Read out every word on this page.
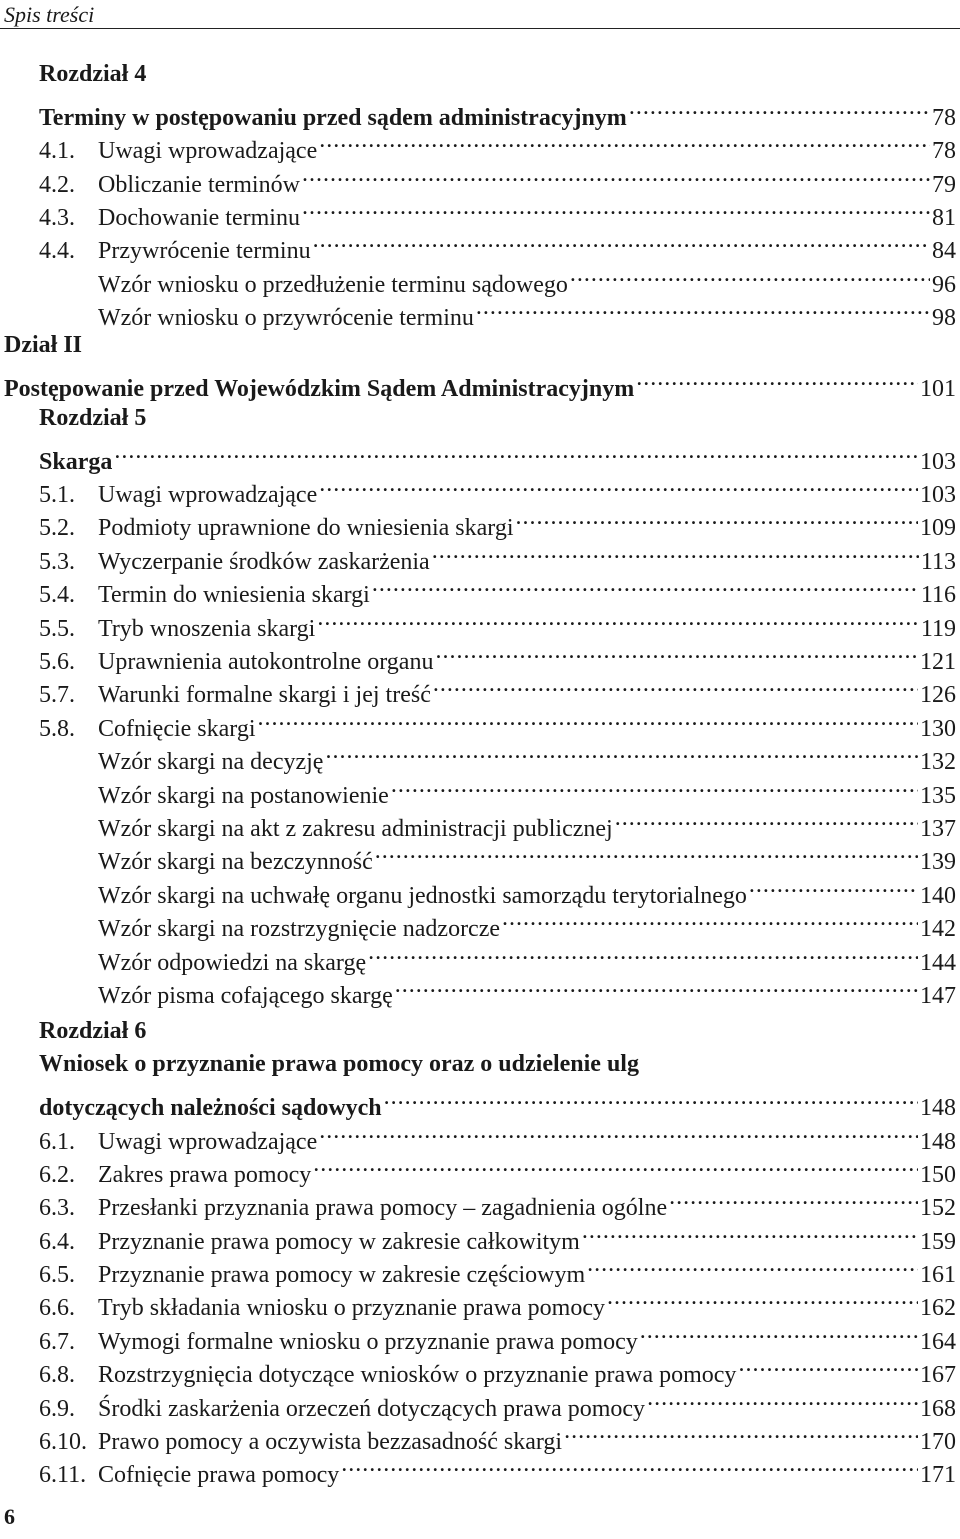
Spis treści
Rozdział 4
Terminy w postępowaniu przed sądem administracyjnym .....	78
4.1. Uwagi wprowadzające .....	78
4.2. Obliczanie terminów .....	79
4.3. Dochowanie terminu .....	81
4.4. Przywrócenie terminu .....	84
Wzór wniosku o przedłużenie terminu sądowego .....	96
Wzór wniosku o przywrócenie terminu .....	98
Dział II
Postępowanie przed Wojewódzkim Sądem Administracyjnym .....	101
Rozdział 5
Skarga .....	103
5.1. Uwagi wprowadzające .....	103
5.2. Podmioty uprawnione do wniesienia skargi .....	109
5.3. Wyczerpanie środków zaskarżenia .....	113
5.4. Termin do wniesienia skargi .....	116
5.5. Tryb wnoszenia skargi .....	119
5.6. Uprawnienia autokontrolne organu .....	121
5.7. Warunki formalne skargi i jej treść .....	126
5.8. Cofnięcie skargi .....	130
Wzór skargi na decyzję .....	132
Wzór skargi na postanowienie .....	135
Wzór skargi na akt z zakresu administracji publicznej .....	137
Wzór skargi na bezczynność .....	139
Wzór skargi na uchwałę organu jednostki samorządu terytorialnego .....	140
Wzór skargi na rozstrzygnięcie nadzorcze .....	142
Wzór odpowiedzi na skargę .....	144
Wzór pisma cofającego skargę .....	147
Rozdział 6
Wniosek o przyznanie prawa pomocy oraz o udzielenie ulg
dotyczących należności sądowych .....	148
6.1. Uwagi wprowadzające .....	148
6.2. Zakres prawa pomocy .....	150
6.3. Przesłanki przyznania prawa pomocy – zagadnienia ogólne .....	152
6.4. Przyznanie prawa pomocy w zakresie całkowitym .....	159
6.5. Przyznanie prawa pomocy w zakresie częściowym .....	161
6.6. Tryb składania wniosku o przyznanie prawa pomocy .....	162
6.7. Wymogi formalne wniosku o przyznanie prawa pomocy .....	164
6.8. Rozstrzygnięcia dotyczące wniosków o przyznanie prawa pomocy .....	167
6.9. Środki zaskarżenia orzeczeń dotyczących prawa pomocy .....	168
6.10. Prawo pomocy a oczywista bezzasadność skargi .....	170
6.11. Cofnięcie prawa pomocy .....	171
6
